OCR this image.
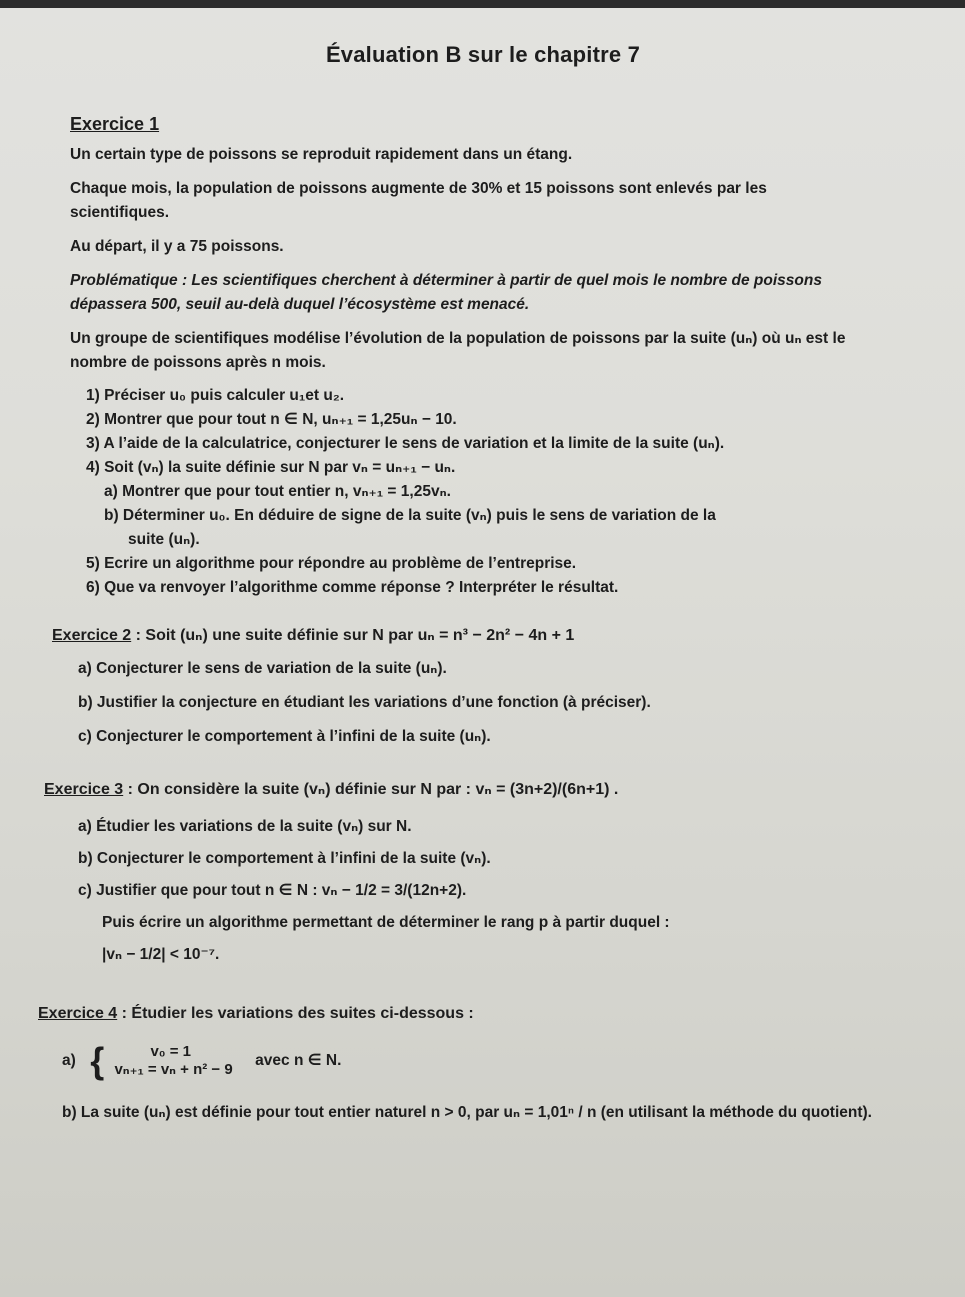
Évaluation B sur le chapitre 7
Exercice 1
Un certain type de poissons se reproduit rapidement dans un étang.
Chaque mois, la population de poissons augmente de 30% et 15 poissons sont enlevés par les scientifiques.
Au départ, il y a 75 poissons.
Problématique : Les scientifiques cherchent à déterminer à partir de quel mois le nombre de poissons dépassera 500, seuil au-delà duquel l’écosystème est menacé.
Un groupe de scientifiques modélise l’évolution de la population de poissons par la suite (uₙ) où uₙ est le nombre de poissons après n mois.
1) Préciser u₀ puis calculer u₁et u₂.
2) Montrer que pour tout n ∈ N, uₙ₊₁ = 1,25uₙ − 10.
3) A l’aide de la calculatrice, conjecturer le sens de variation et la limite de la suite (uₙ).
4) Soit (vₙ) la suite définie sur N par vₙ = uₙ₊₁ − uₙ.
a) Montrer que pour tout entier n, vₙ₊₁ = 1,25vₙ.
b) Déterminer u₀. En déduire de signe de la suite (vₙ) puis le sens de variation de la
suite (uₙ).
5) Ecrire un algorithme pour répondre au problème de l’entreprise.
6) Que va renvoyer l’algorithme comme réponse ? Interpréter le résultat.
Exercice 2 : Soit (uₙ) une suite définie sur N par uₙ = n³ − 2n² − 4n + 1
a) Conjecturer le sens de variation de la suite (uₙ).
b) Justifier la conjecture en étudiant les variations d’une fonction (à préciser).
c) Conjecturer le comportement à l’infini de la suite (uₙ).
Exercice 3 : On considère la suite (vₙ) définie sur N par : vₙ = (3n+2)/(6n+1) .
a) Étudier les variations de la suite (vₙ) sur N.
b) Conjecturer le comportement à l’infini de la suite (vₙ).
c) Justifier que pour tout n ∈ N : vₙ − 1/2 = 3/(12n+2).
Puis écrire un algorithme permettant de déterminer le rang p à partir duquel :
|vₙ − 1/2| < 10⁻⁷.
Exercice 4 : Étudier les variations des suites ci-dessous :
a) {	v₀ = 1
vₙ₊₁ = vₙ + n² − 9
avec n ∈ N.
b) La suite (uₙ) est définie pour tout entier naturel n > 0, par uₙ = 1,01ⁿ / n (en utilisant la méthode du quotient).
